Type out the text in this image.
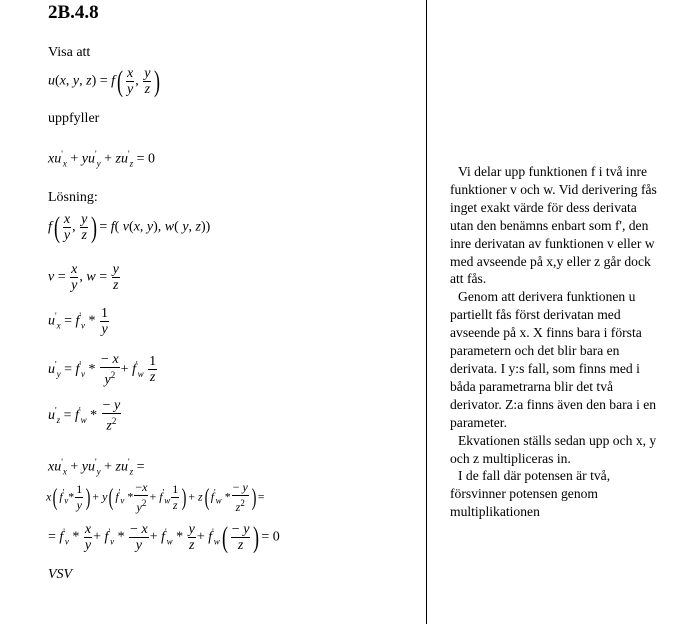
2B.4.8
Visa att
u(x, y, $z) = f( \frac{x}{y}$ , $\frac{y}{z}$ )
uppfyller
$xu'_x + yu'_y + zu'_z = 0$
Lösning:
$f( \frac{x}{y}$ , $\frac{y}{z}$ ) = f( v(x, y), w( y, z))
$v = \frac{x}{y}$ , $w = \frac{y}{z}$
$u'_x = f'_v * \frac{1}{y}$
$u'_y = f'_v * \frac{- x}{y^2} + f'_w \frac{1}{z}$
$u'_z = f'_w * \frac{- y}{z^2}$
$xu'_x + yu'_y + zu'_z$ =
x( $f'_v* \frac{1}{y}$ ) + y( $f'_v * \frac{-x}{y^2} + f'_w \frac{1}{z}$ ) + z( $f'_w * \frac{- y}{z^2}$ ) =
= $f'_v * \frac{x}{y} + f'_v * \frac{- x}{y} + f'_w * \frac{y}{z} + f'_w( \frac{- y}{z}$ ) = 0
VSV

Vi delar upp funktionen f i två inre funktioner v och w. Vid derivering fås inget exakt värde för dess derivata utan den benämns enbart som f', den inre derivatan av funktionen v eller w med avseende på x,y eller z går dock att fås.

Genom att derivera funktionen u partiellt fås först derivatan med avseende på x. X finns bara i första parametern och det blir bara en derivata. I y:s fall, som finns med i båda parametrarna blir det två derivator. Z:a finns även den bara i en parameter.

Ekvationen ställs sedan upp och x, y och z multipliceras in.

I de fall där potensen är två, försvinner potensen genom multiplikationen
